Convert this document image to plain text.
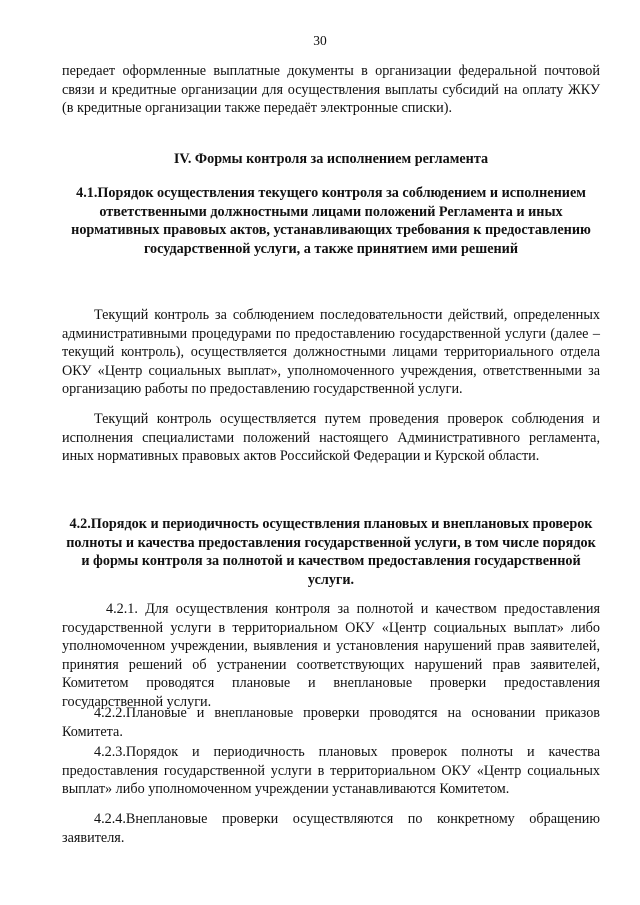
30
передает оформленные выплатные документы в организации федеральной почтовой связи и кредитные организации для осуществления выплаты субсидий на оплату ЖКУ (в кредитные организации также передаёт электронные списки).
IV. Формы контроля за исполнением регламента
4.1.Порядок осуществления текущего контроля за соблюдением и исполнением ответственными должностными лицами положений Регламента и иных нормативных правовых актов, устанавливающих требования к предоставлению государственной услуги, а также принятием ими решений
Текущий контроль за соблюдением последовательности действий, определенных административными процедурами по предоставлению государственной услуги (далее – текущий контроль), осуществляется должностными лицами территориального отдела ОКУ «Центр социальных выплат», уполномоченного учреждения, ответственными за организацию работы по предоставлению государственной услуги.
Текущий контроль осуществляется путем проведения проверок соблюдения и исполнения специалистами положений настоящего Административного регламента, иных нормативных правовых актов Российской Федерации и Курской области.
4.2.Порядок и периодичность осуществления плановых и внеплановых проверок полноты и качества предоставления государственной услуги, в том числе порядок и формы контроля за полнотой и качеством предоставления государственной услуги.
4.2.1. Для осуществления контроля за полнотой и качеством предоставления государственной услуги в территориальном ОКУ «Центр социальных выплат» либо уполномоченном учреждении, выявления и установления нарушений прав заявителей, принятия решений об устранении соответствующих нарушений прав заявителей, Комитетом проводятся плановые и внеплановые проверки предоставления государственной услуги.
4.2.2.Плановые и внеплановые проверки проводятся на основании приказов Комитета.
4.2.3.Порядок и периодичность плановых проверок полноты и качества предоставления государственной услуги в территориальном ОКУ «Центр социальных выплат» либо уполномоченном учреждении устанавливаются Комитетом.
4.2.4.Внеплановые проверки осуществляются по конкретному обращению заявителя.
